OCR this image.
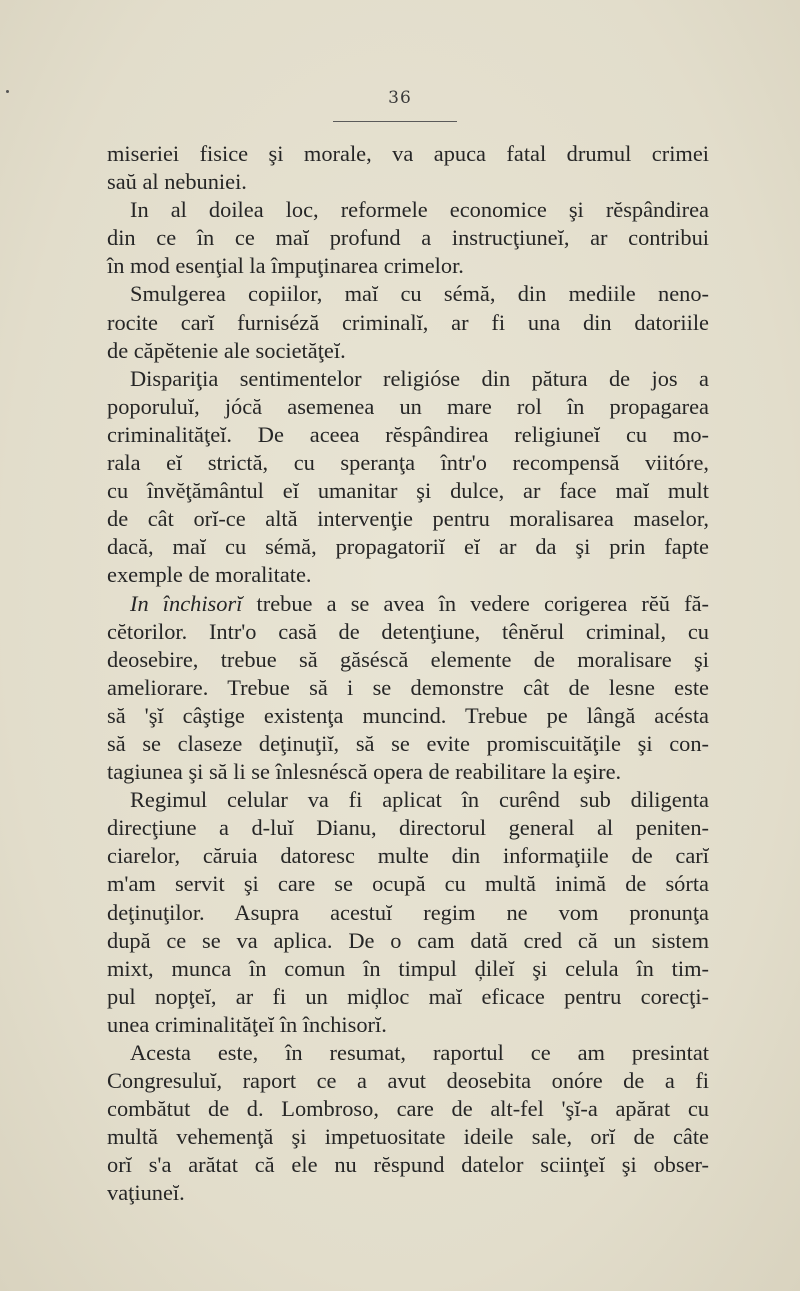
36
miseriei fisice şi morale, va apuca fatal drumul crimei
saŭ al nebuniei.
In al doilea loc, reformele economice şi rĕspândirea
din ce în ce maĭ profund a instrucţiuneĭ, ar contribui
în mod esenţial la împuţinarea crimelor.
Smulgerea copiilor, maĭ cu sémă, din mediile neno-
rocite carĭ furniséză criminalĭ, ar fi una din datoriile
de căpĕtenie ale societăţeĭ.
Dispariţia sentimentelor religióse din pătura de jos a
poporuluĭ, jócă asemenea un mare rol în propagarea
criminalităţeĭ. De aceea rĕspândirea religiuneĭ cu mo-
rala eĭ strictă, cu speranţa într'o recompensă viitóre,
cu învĕţământul eĭ umanitar şi dulce, ar face maĭ mult
de cât orĭ-ce altă intervenţie pentru moralisarea maselor,
dacă, maĭ cu sémă, propagatoriĭ eĭ ar da şi prin fapte
exemple de moralitate.
In închisorĭ trebue a se avea în vedere corigerea rĕŭ fă-
cĕtorilor. Intr'o casă de detenţiune, tênĕrul criminal, cu
deosebire, trebue să găséscă elemente de moralisare şi
ameliorare. Trebue să i se demonstre cât de lesne este
să 'şĭ câştige existenţa muncind. Trebue pe lângă acésta
să se claseze deţinuţiĭ, să se evite promiscuităţile şi con-
tagiunea şi să li se înlesnéscă opera de reabilitare la eşire.
Regimul celular va fi aplicat în curênd sub diligenta
direcţiune a d-luĭ Dianu, directorul general al peniten-
ciarelor, căruia datoresc multe din informaţiile de carĭ
m'am servit şi care se ocupă cu multă inimă de sórta
deţinuţilor. Asupra acestuĭ regim ne vom pronunţa
după ce se va aplica. De o cam dată cred că un sistem
mixt, munca în comun în timpul ḑileĭ şi celula în tim-
pul nopţeĭ, ar fi un miḑloc maĭ eficace pentru corecţi-
unea criminalităţeĭ în închisorĭ.
Acesta este, în resumat, raportul ce am presintat
Congresuluĭ, raport ce a avut deosebita onóre de a fi
combătut de d. Lombroso, care de alt-fel 'şĭ-a apărat cu
multă vehemenţă şi impetuositate ideile sale, orĭ de câte
orĭ s'a arătat că ele nu rĕspund datelor sciinţeĭ şi obser-
vaţiuneĭ.
